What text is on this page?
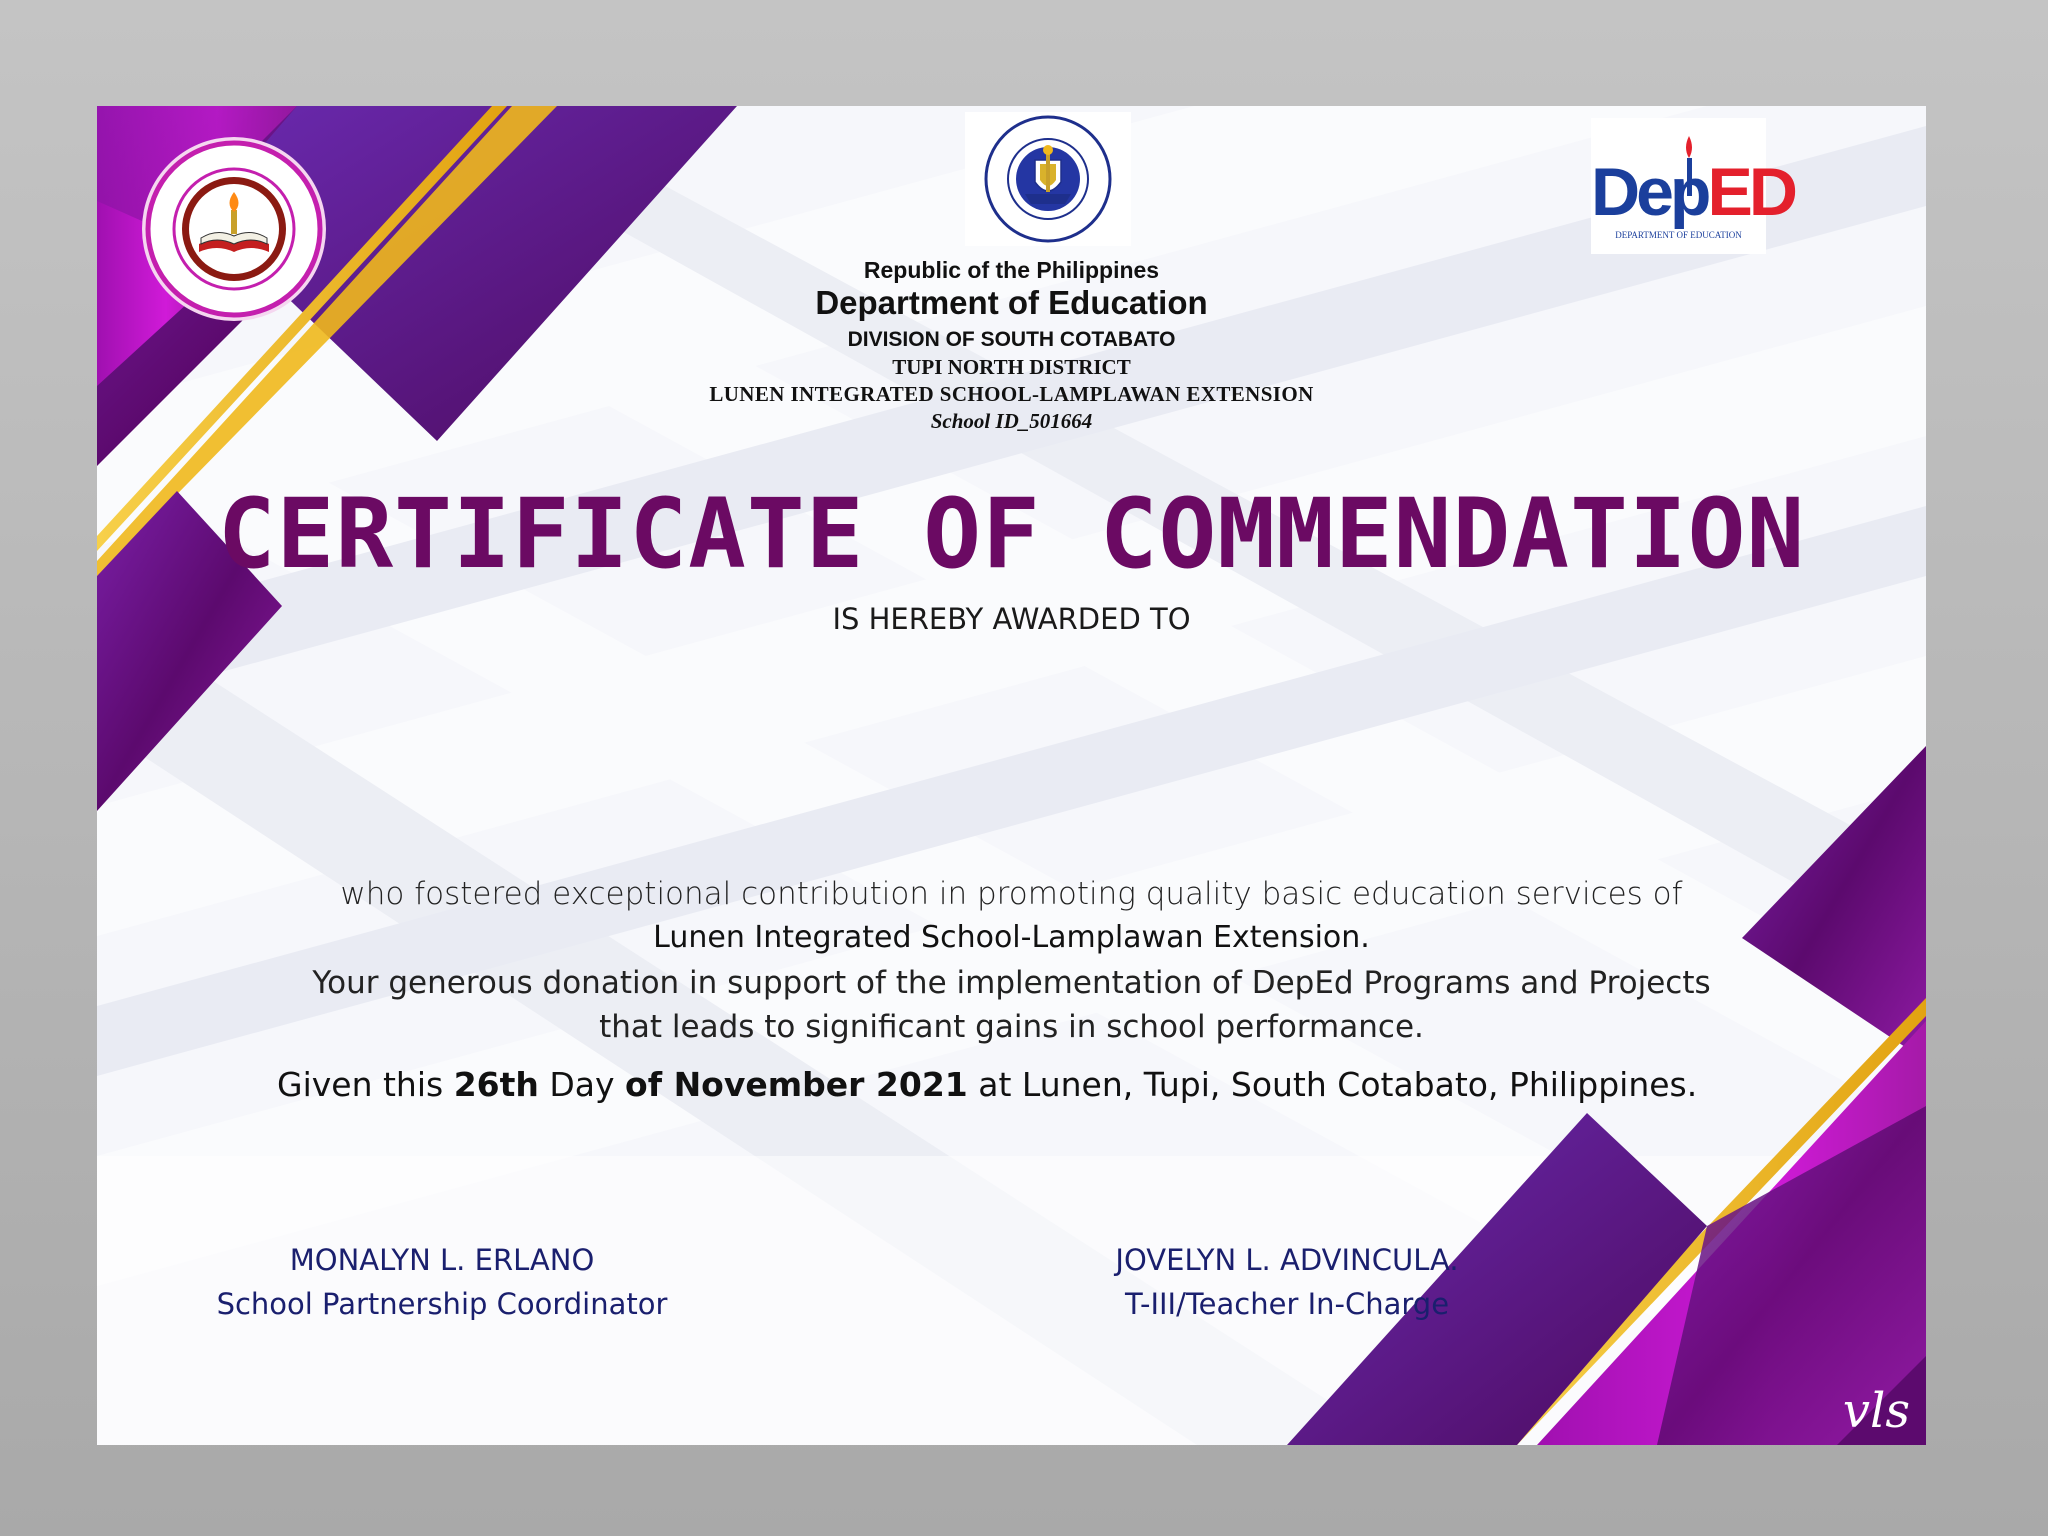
DepED
DEPARTMENT OF EDUCATION
Republic of the Philippines
Department of Education
DIVISION OF SOUTH COTABATO
TUPI NORTH DISTRICT
LUNEN INTEGRATED SCHOOL-LAMPLAWAN EXTENSION
School ID_501664
CERTIFICATE OF COMMENDATION
IS HEREBY AWARDED TO
who fostered exceptional contribution in promoting quality basic education services of
Lunen Integrated School-Lamplawan Extension.
Your generous donation in support of the implementation of DepEd Programs and Projects
that leads to significant gains in school performance.
Given this 26th Day of November 2021 at Lunen, Tupi, South Cotabato, Philippines.
MONALYN L. ERLANO
School Partnership Coordinator
JOVELYN L. ADVINCULA.
T-III/Teacher In-Charge
vls
